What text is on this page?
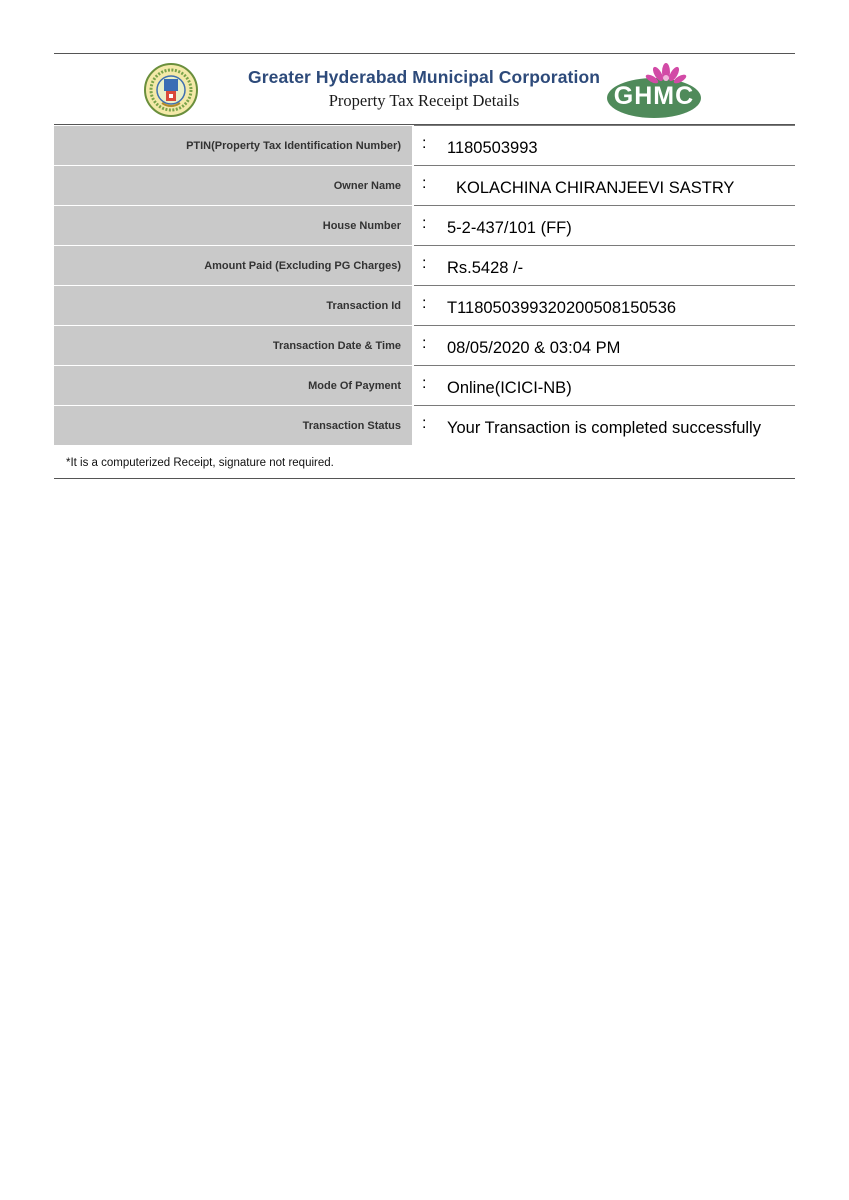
Greater Hyderabad Municipal Corporation
Property Tax Receipt Details	GHMC
PTIN(Property Tax Identification Number) : 1180503993
Owner Name : KOLACHINA CHIRANJEEVI SASTRY
House Number : 5-2-437/101 (FF)
Amount Paid (Excluding PG Charges) : Rs.5428 /-
Transaction Id : T1180503993202005081505​36
Transaction Date & Time : 08/05/2020 & 03:04 PM
Mode Of Payment : Online(ICICI-NB)
Transaction Status : Your Transaction is completed successfully
*It is a computerized Receipt, signature not required.
